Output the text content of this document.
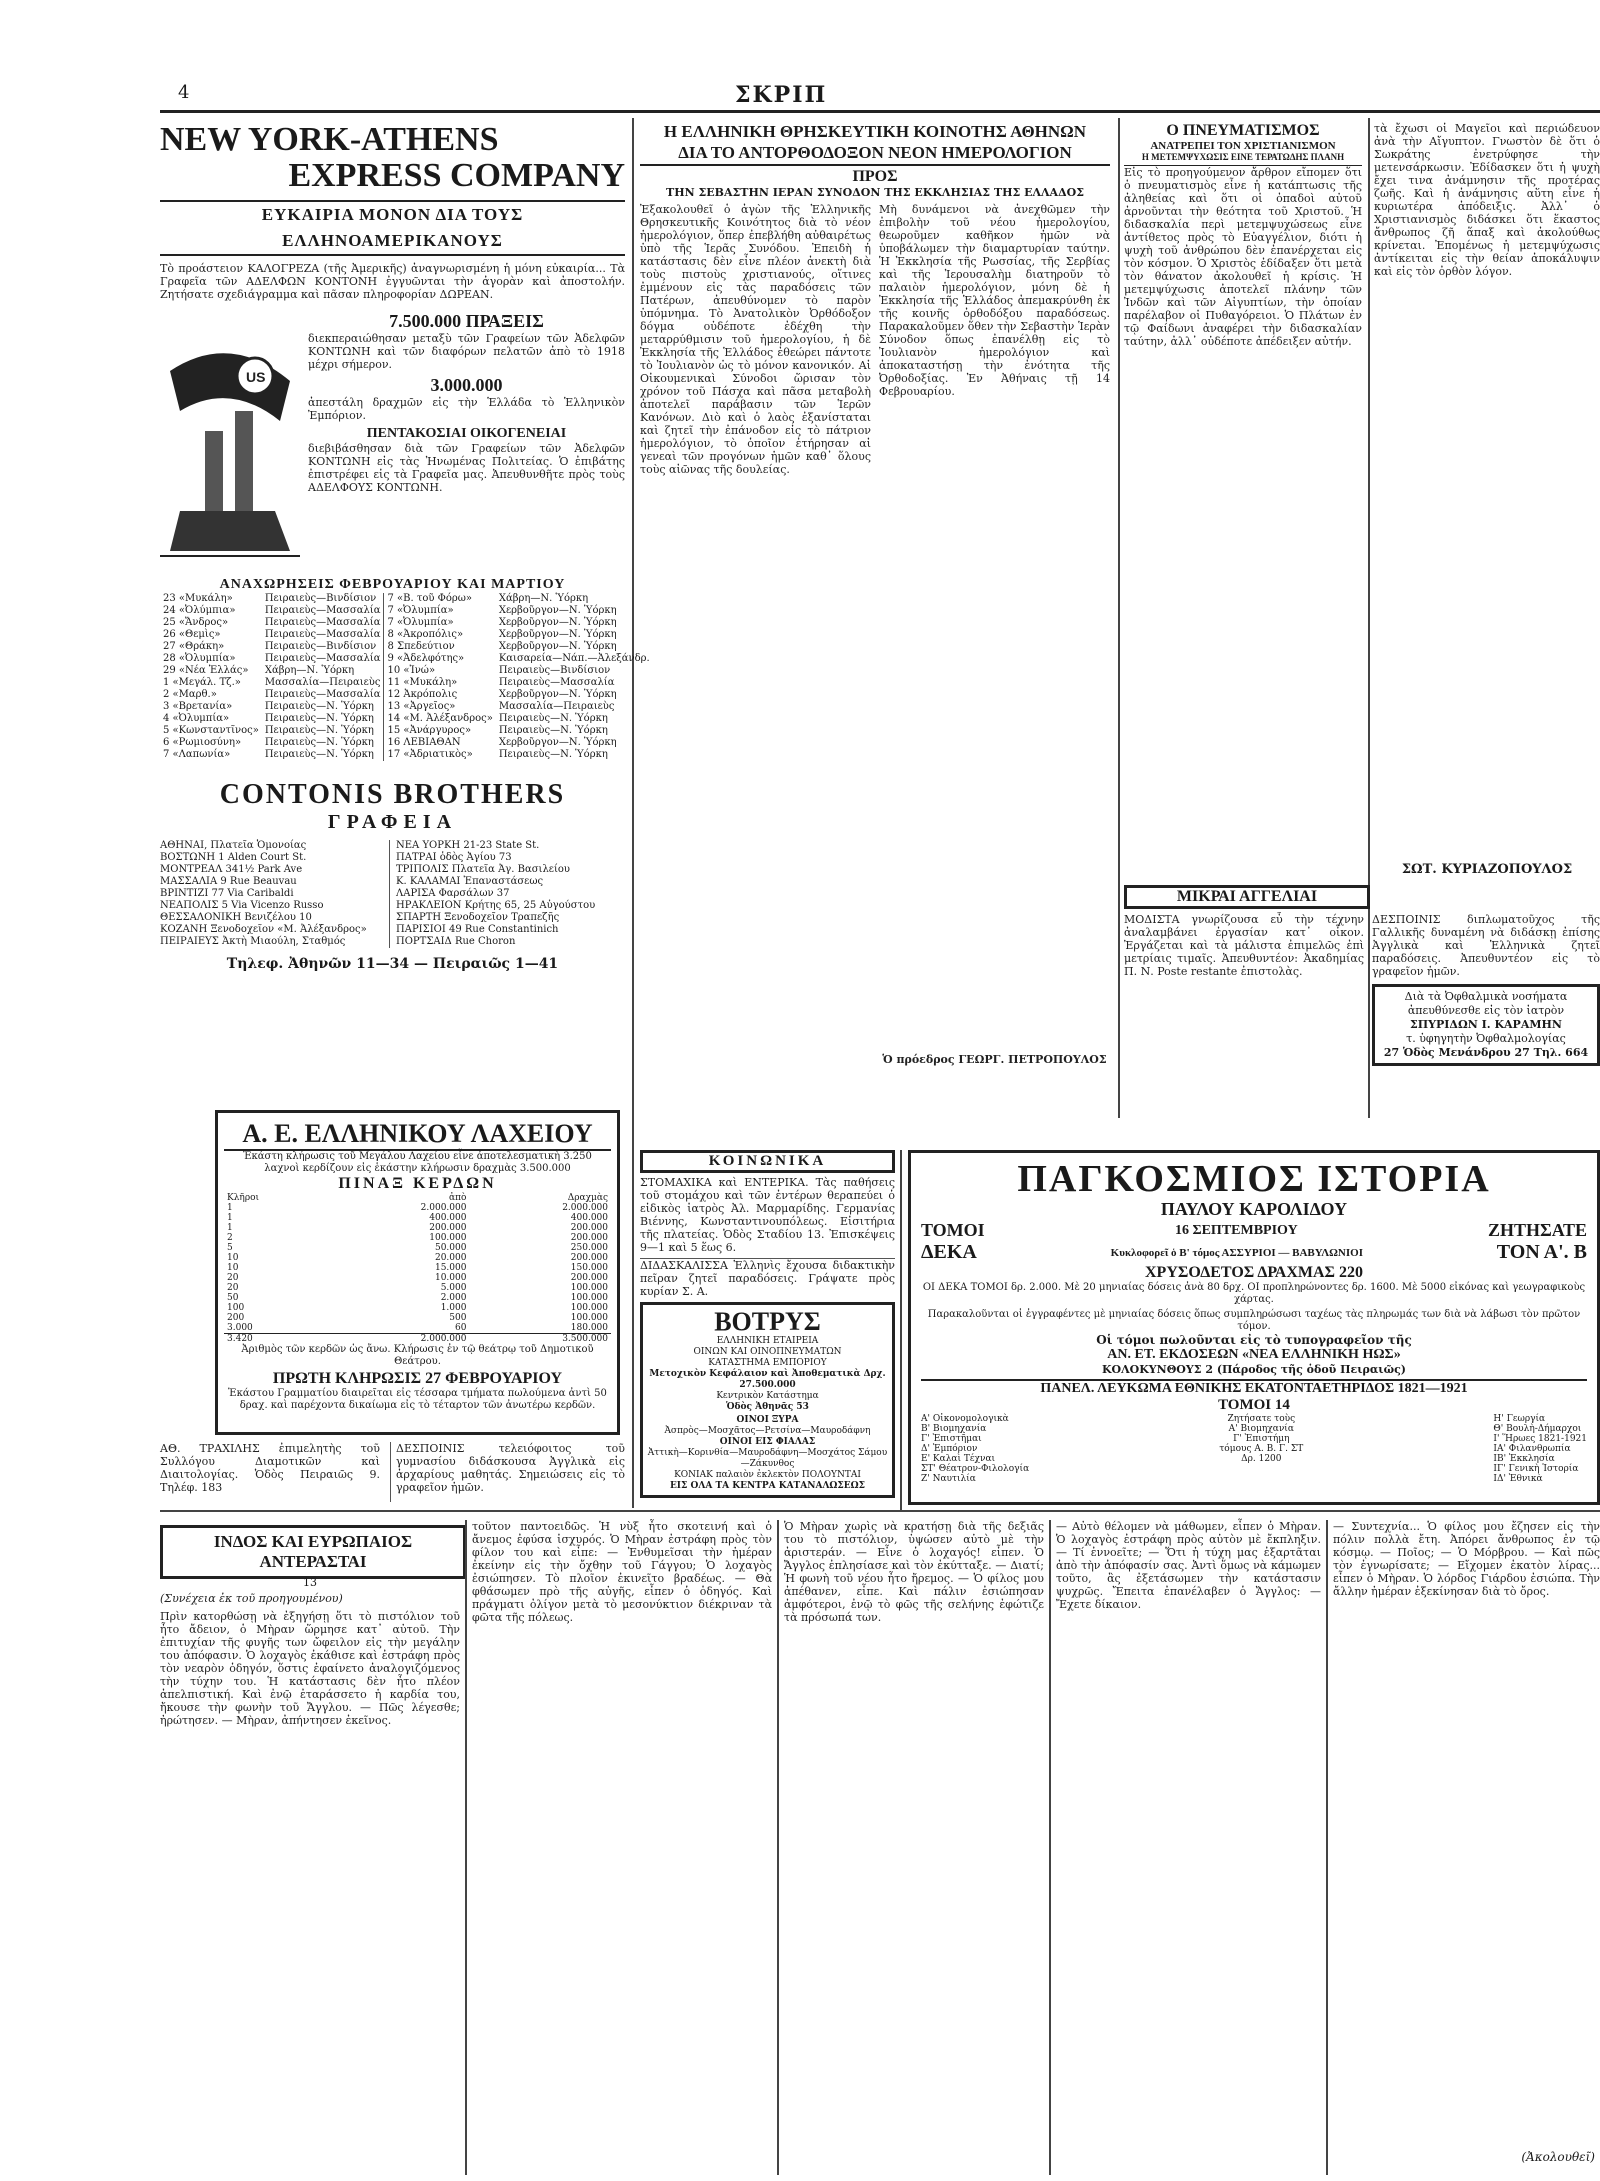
4	ΣΚΡΙΠ
NEW YORK-ATHENS
EXPRESS COMPANY
ΕΥΚΑΙΡΙΑ ΜΟΝΟΝ ΔΙΑ ΤΟΥΣ ΕΛΛΗΝΟΑΜΕΡΙΚΑΝΟΥΣ
Τὸ προάστειον ΚΑΛΟΓΡΕΖΑ (τῆς Ἀμερικῆς) ἀναγνωρισμένη ἡ μόνη εὐκαιρία... Τὰ Γραφεῖα τῶν ΑΔΕΛΦΩΝ ΚΟΝΤΟΝΗ ἐγγυῶνται τὴν ἀγορὰν καὶ ἀποστολήν. Ζητήσατε σχεδιάγραμμα καὶ πᾶσαν πληροφορίαν ΔΩΡΕΑΝ.
US
7.500.000 ΠΡΑΞΕΙΣ
διεκπεραιώθησαν μεταξὺ τῶν Γραφείων τῶν Ἀδελφῶν ΚΟΝΤΩΝΗ καὶ τῶν διαφόρων πελατῶν ἀπὸ τὸ 1918 μέχρι σήμερον.
3.000.000
ἀπεστάλη δραχμῶν εἰς τὴν Ἑλλάδα τὸ Ἑλληνικὸν Ἐμπόριον.
ΠΕΝΤΑΚΟΣΙΑΙ ΟΙΚΟΓΕΝΕΙΑΙ
διεβιβάσθησαν διὰ τῶν Γραφείων τῶν Ἀδελφῶν ΚΟΝΤΩΝΗ εἰς τὰς Ἡνωμένας Πολιτείας. Ὁ ἐπιβάτης ἐπιστρέφει εἰς τὰ Γραφεῖα μας. Ἀπευθυνθῆτε πρὸς τοὺς ΑΔΕΛΦΟΥΣ ΚΟΝΤΩΝΗ.
ΑΝΑΧΩΡΗΣΕΙΣ ΦΕΒΡΟΥΑΡΙΟΥ ΚΑΙ ΜΑΡΤΙΟΥ
23 «Μυκάλη»	Πειραιεὺς—Βινδίσιον	7 «Β. τοῦ Φόρω»	Χάβρη—Ν. Ὑόρκη
24 «Ὀλύμπια»	Πειραιεὺς—Μασσαλία	7 «Ὀλυμπία»	Χερβοῦργον—Ν. Ὑόρκη
25 «Ἄνδρος»	Πειραιεὺς—Μασσαλία	7 «Ὀλυμπία»	Χερβοῦργον—Ν. Ὑόρκη
26 «Θεμὶς»	Πειραιεὺς—Μασσαλία	8 «Ἀκροπόλις»	Χερβοῦργον—Ν. Ὑόρκη
27 «Θράκη»	Πειραιεὺς—Βινδίσιον	8 Σπεδεύτιον	Χερβοῦργον—Ν. Ὑόρκη
28 «Ὀλυμπία»	Πειραιεὺς—Μασσαλία	9 «Ἀδελφότης»	Καισαρεία—Νάπ.—Ἀλεξάνδρ.
29 «Νέα Ἑλλάς»	Χάβρη—Ν. Ὑόρκη	10 «Ἰνώ»	Πειραιεὺς—Βινδίσιον
1 «Μεγάλ. Τζ.»	Μασσαλία—Πειραιεὺς	11 «Μυκάλη»	Πειραιεὺς—Μασσαλία
2 «Μαρθ.»	Πειραιεὺς—Μασσαλία	12 Ἀκρόπολις	Χερβοῦργον—Ν. Ὑόρκη
3 «Βρετανία»	Πειραιεὺς—Ν. Ὑόρκη	13 «Ἀργεῖος»	Μασσαλία—Πειραιεὺς
4 «Ὀλυμπία»	Πειραιεὺς—Ν. Ὑόρκη	14 «Μ. Ἀλέξανδρος»	Πειραιεὺς—Ν. Ὑόρκη
5 «Κωνσταντῖνος»	Πειραιεὺς—Ν. Ὑόρκη	15 «Ἀνάργυρος»	Πειραιεὺς—Ν. Ὑόρκη
6 «Ρωμιοσύνη»	Πειραιεὺς—Ν. Ὑόρκη	16 ΛΕΒΙΑΘΑΝ	Χερβοῦργον—Ν. Ὑόρκη
7 «Λαπωνία»	Πειραιεὺς—Ν. Ὑόρκη	17 «Ἀδριατικὸς»	Πειραιεὺς—Ν. Ὑόρκη
CONTONIS BROTHERS
ΓΡΑΦΕΙΑ
ΑΘΗΝΑΙ, Πλατεῖα Ὁμονοίας
ΒΟΣΤΩΝΗ 1 Alden Court St.
ΜΟΝΤΡΕΑΛ 341½ Park Ave
ΜΑΣΣΑΛΙΑ 9 Rue Beauvau
ΒΡΙΝΤΙΖΙ 77 Via Caribaldi
ΝΕΑΠΟΛΙΣ 5 Via Vicenzo Russo
ΘΕΣΣΑΛΟΝΙΚΗ Βενιζέλου 10
ΚΟΖΑΝΗ Ξενοδοχεῖον «Μ. Ἀλέξανδρος»
ΠΕΙΡΑΙΕΥΣ Ἀκτὴ Μιαούλη, Σταθμός
ΝΕΑ ΥΟΡΚΗ 21-23 State St.
ΠΑΤΡΑΙ ὁδὸς Ἀγίου 73
ΤΡΙΠΟΛΙΣ Πλατεῖα Ἀγ. Βασιλείου
Κ. ΚΑΛΑΜΑΙ Ἐπαναστάσεως
ΛΑΡΙΣΑ Φαρσάλων 37
ΗΡΑΚΛΕΙΟΝ Κρήτης 65, 25 Αὐγούστου
ΣΠΑΡΤΗ Ξενοδοχεῖον Τραπεζῆς
ΠΑΡΙΣΙΟΙ 49 Rue Constantinich
ΠΟΡΤΣΑΙΔ Rue Choron
Τηλεφ. Ἀθηνῶν 11—34 — Πειραιῶς 1—41
Α. Ε. ΕΛΛΗΝΙΚΟΥ ΛΑΧΕΙΟΥ
Ἑκάστη κλήρωσις τοῦ Μεγάλου Λαχείου εἶνε ἀποτελεσματικὴ 3.250 λαχνοὶ κερδίζουν εἰς ἑκάστην κλήρωσιν δραχμὰς 3.500.000
ΠΙΝΑΞ ΚΕΡΔΩΝ
Κλῆροι	ἀπὸ	Δραχμὰς
1	2.000.000	2.000.000
1	400.000	400.000
1	200.000	200.000
2	100.000	200.000
5	50.000	250.000
10	20.000	200.000
10	15.000	150.000
20	10.000	200.000
20	5.000	100.000
50	2.000	100.000
100	1.000	100.000
200	500	100.000
3.000	60	180.000
3.420	2.000.000	3.500.000
Ἀριθμὸς τῶν κερδῶν ὡς ἄνω. Κλήρωσις ἐν τῷ θεάτρῳ τοῦ Δημοτικοῦ Θεάτρου.
ΠΡΩΤΗ ΚΛΗΡΩΣΙΣ 27 ΦΕΒΡΟΥΑΡΙΟΥ
Ἑκάστου Γραμματίου διαιρεῖται εἰς τέσσαρα τμήματα πωλούμενα ἀντὶ 50 δραχ. καὶ παρέχοντα δικαίωμα εἰς τὸ τέταρτον τῶν ἀνωτέρω κερδῶν.
ΑΘ. ΤΡΑΧΙΛΗΣ ἐπιμελητὴς τοῦ Συλλόγου Διαμοτικῶν καὶ Διαιτολογίας. Ὁδὸς Πειραιῶς 9. Τηλέφ. 183
ΔΕΣΠΟΙΝΙΣ τελειόφοιτος τοῦ γυμνασίου διδάσκουσα Ἀγγλικὰ εἰς ἀρχαρίους μαθητάς. Σημειώσεις εἰς τὸ γραφεῖον ἡμῶν.
Η ΕΛΛΗΝΙΚΗ ΘΡΗΣΚΕΥΤΙΚΗ ΚΟΙΝΟΤΗΣ ΑΘΗΝΩΝ
ΔΙΑ ΤΟ ΑΝΤΟΡΘΟΔΟΞΟΝ ΝΕΟΝ ΗΜΕΡΟΛΟΓΙΟΝ
ΠΡΟΣ
ΤΗΝ ΣΕΒΑΣΤΗΝ ΙΕΡΑΝ ΣΥΝΟΔΟΝ ΤΗΣ ΕΚΚΛΗΣΙΑΣ ΤΗΣ ΕΛΛΑΔΟΣ
Ἐξακολουθεῖ ὁ ἀγὼν τῆς Ἑλληνικῆς Θρησκευτικῆς Κοινότητος διὰ τὸ νέον ἡμερολόγιον, ὅπερ ἐπεβλήθη αὐθαιρέτως ὑπὸ τῆς Ἱερᾶς Συνόδου. Ἐπειδὴ ἡ κατάστασις δὲν εἶνε πλέον ἀνεκτὴ διὰ τοὺς πιστοὺς χριστιανούς, οἵτινες ἐμμένουν εἰς τὰς παραδόσεις τῶν Πατέρων, ἀπευθύνομεν τὸ παρὸν ὑπόμνημα. Τὸ Ἀνατολικὸν Ὀρθόδοξον δόγμα οὐδέποτε ἐδέχθη τὴν μεταρρύθμισιν τοῦ ἡμερολογίου, ἡ δὲ Ἐκκλησία τῆς Ἑλλάδος ἐθεώρει πάντοτε τὸ Ἰουλιανὸν ὡς τὸ μόνον κανονικόν. Αἱ Οἰκουμενικαὶ Σύνοδοι ὥρισαν τὸν χρόνον τοῦ Πάσχα καὶ πᾶσα μεταβολὴ ἀποτελεῖ παράβασιν τῶν Ἱερῶν Κανόνων. Διὸ καὶ ὁ λαὸς ἐξανίσταται καὶ ζητεῖ τὴν ἐπάνοδον εἰς τὸ πάτριον ἡμερολόγιον, τὸ ὁποῖον ἐτήρησαν αἱ γενεαὶ τῶν προγόνων ἡμῶν καθ᾽ ὅλους τοὺς αἰῶνας τῆς δουλείας.
Μὴ δυνάμενοι νὰ ἀνεχθῶμεν τὴν ἐπιβολὴν τοῦ νέου ἡμερολογίου, θεωροῦμεν καθῆκον ἡμῶν νὰ ὑποβάλωμεν τὴν διαμαρτυρίαν ταύτην. Ἡ Ἐκκλησία τῆς Ρωσσίας, τῆς Σερβίας καὶ τῆς Ἱερουσαλὴμ διατηροῦν τὸ παλαιὸν ἡμερολόγιον, μόνη δὲ ἡ Ἐκκλησία τῆς Ἑλλάδος ἀπεμακρύνθη ἐκ τῆς κοινῆς ὀρθοδόξου παραδόσεως. Παρακαλοῦμεν ὅθεν τὴν Σεβαστὴν Ἱερὰν Σύνοδον ὅπως ἐπανέλθῃ εἰς τὸ Ἰουλιανὸν ἡμερολόγιον καὶ ἀποκαταστήσῃ τὴν ἑνότητα τῆς Ὀρθοδοξίας. Ἐν Ἀθήναις τῇ 14 Φεβρουαρίου.
Ὁ πρόεδρος ΓΕΩΡΓ. ΠΕΤΡΟΠΟΥΛΟΣ
Ο ΠΝΕΥΜΑΤΙΣΜΟΣ
ΑΝΑΤΡΕΠΕΙ ΤΟΝ ΧΡΙΣΤΙΑΝΙΣΜΟΝ
Η ΜΕΤΕΜΨΥΧΩΣΙΣ ΕΙΝΕ ΤΕΡΑΤΩΔΗΣ ΠΛΑΝΗ
Εἰς τὸ προηγούμενον ἄρθρον εἴπομεν ὅτι ὁ πνευματισμὸς εἶνε ἡ κατάπτωσις τῆς ἀληθείας καὶ ὅτι οἱ ὀπαδοὶ αὐτοῦ ἀρνοῦνται τὴν θεότητα τοῦ Χριστοῦ. Ἡ διδασκαλία περὶ μετεμψυχώσεως εἶνε ἀντίθετος πρὸς τὸ Εὐαγγέλιον, διότι ἡ ψυχὴ τοῦ ἀνθρώπου δὲν ἐπανέρχεται εἰς τὸν κόσμον. Ὁ Χριστὸς ἐδίδαξεν ὅτι μετὰ τὸν θάνατον ἀκολουθεῖ ἡ κρίσις. Ἡ μετεμψύχωσις ἀποτελεῖ πλάνην τῶν Ἰνδῶν καὶ τῶν Αἰγυπτίων, τὴν ὁποίαν παρέλαβον οἱ Πυθαγόρειοι. Ὁ Πλάτων ἐν τῷ Φαίδωνι ἀναφέρει τὴν διδασκαλίαν ταύτην, ἀλλ᾽ οὐδέποτε ἀπέδειξεν αὐτήν.
τὰ ἔχωσι οἱ Μαγεῖοι καὶ περιώδευον ἀνὰ τὴν Αἴγυπτον. Γνωστὸν δὲ ὅτι ὁ Σωκράτης ἐνετρύφησε τὴν μετενσάρκωσιν. Ἐδίδασκεν ὅτι ἡ ψυχὴ ἔχει τινα ἀνάμνησιν τῆς προτέρας ζωῆς. Καὶ ἡ ἀνάμνησις αὕτη εἶνε ἡ κυριωτέρα ἀπόδειξις. Ἀλλ᾽ ὁ Χριστιανισμὸς διδάσκει ὅτι ἕκαστος ἄνθρωπος ζῆ ἅπαξ καὶ ἀκολούθως κρίνεται. Ἐπομένως ἡ μετεμψύχωσις ἀντίκειται εἰς τὴν θείαν ἀποκάλυψιν καὶ εἰς τὸν ὀρθὸν λόγον.
ΣΩΤ. ΚΥΡΙΑΖΟΠΟΥΛΟΣ
ΜΙΚΡΑΙ ΑΓΓΕΛΙΑΙ
ΜΟΔΙΣΤΑ γνωρίζουσα εὖ τὴν τέχνην ἀναλαμβάνει ἐργασίαν κατ᾽ οἶκον. Ἐργάζεται καὶ τὰ μάλιστα ἐπιμελῶς ἐπὶ μετρίαις τιμαῖς. Ἀπευθυντέον: Ἀκαδημίας Π. Ν. Poste restante ἐπιστολὰς.
ΔΕΣΠΟΙΝΙΣ διπλωματοῦχος τῆς Γαλλικῆς δυναμένη νὰ διδάσκῃ ἐπίσης Ἀγγλικὰ καὶ Ἑλληνικὰ ζητεῖ παραδόσεις. Ἀπευθυντέον εἰς τὸ γραφεῖον ἡμῶν.
Διὰ τὰ Ὀφθαλμικὰ νοσήματα
ἀπευθύνεσθε εἰς τὸν ἰατρὸν
ΣΠΥΡΙΔΩΝ Ι. ΚΑΡΑΜΗΝ
τ. ὑφηγητὴν Ὀφθαλμολογίας
27 Ὁδὸς Μενάνδρου 27 Τηλ. 664
ΚΟΙΝΩΝΙΚΑ
ΣΤΟΜΑΧΙΚΑ καὶ ΕΝΤΕΡΙΚΑ. Τὰς παθήσεις τοῦ στομάχου καὶ τῶν ἐντέρων θεραπεύει ὁ εἰδικὸς ἰατρὸς Ἀλ. Μαρμαρίδης. Γερμανίας Βιέννης, Κωνσταντινουπόλεως. Εἰσιτήρια τῆς πλατείας. Ὁδὸς Σταδίου 13. Ἐπισκέψεις 9—1 καὶ 5 ἕως 6.
ΔΙΔΑΣΚΑΛΙΣΣΑ Ἑλληνὶς ἔχουσα διδακτικὴν πεῖραν ζητεῖ παραδόσεις. Γράψατε πρὸς κυρίαν Σ. Α.
ΒΟΤΡΥΣ
ΕΛΛΗΝΙΚΗ ΕΤΑΙΡΕΙΑ
ΟΙΝΩΝ ΚΑΙ ΟΙΝΟΠΝΕΥΜΑΤΩΝ
ΚΑΤΑΣΤΗΜΑ ΕΜΠΟΡΙΟΥ
Μετοχικὸν Κεφάλαιον καὶ Ἀποθεματικὰ Δρχ. 27.500.000
Κεντρικὸν Κατάστημα
Ὁδὸς Ἀθηνᾶς 53
ΟΙΝΟΙ ΞΥΡΑ
Ἀσπρὸς—Μοσχᾶτος—Ρετσίνα—Μαυροδάφνη
ΟΙΝΟΙ ΕΙΣ ΦΙΑΛΑΣ
Ἀττικὴ—Κορινθία—Μαυροδάφνη—Μοσχάτος Σάμου—Ζάκυνθος
ΚΟΝΙΑΚ παλαιὸν ἐκλεκτὸν ΠΟΛΟΥΝΤΑΙ
ΕΙΣ ΟΛΑ ΤΑ ΚΕΝΤΡΑ ΚΑΤΑΝΑΛΩΣΕΩΣ
ΠΑΓΚΟΣΜΙΟΣ ΙΣΤΟΡΙΑ
ΠΑΥΛΟΥ ΚΑΡΟΛΙΔΟΥ
ΤΟΜΟΙ	16 ΣΕΠΤΕΜΒΡΙΟΥ	ΖΗΤΗΣΑΤΕ
ΔΕΚΑ	Κυκλοφορεῖ ὁ Β' τόμος ΑΣΣΥΡΙΟΙ — ΒΑΒΥΛΩΝΙΟΙ	ΤΟΝ Α'. Β
ΧΡΥΣΟΔΕΤΟΣ ΔΡΑΧΜΑΣ 220
ΟΙ ΔΕΚΑ ΤΟΜΟΙ δρ. 2.000. Μὲ 20 μηνιαίας δόσεις ἀνὰ 80 δρχ. ΟΙ προπληρώνοντες δρ. 1600. Μὲ 5000 εἰκόνας καὶ γεωγραφικοὺς χάρτας.
Παρακαλοῦνται οἱ ἐγγραφέντες μὲ μηνιαίας δόσεις ὅπως συμπληρώσωσι ταχέως τὰς πληρωμάς των διὰ νὰ λάβωσι τὸν πρῶτον τόμον.
Οἱ τόμοι πωλοῦνται εἰς τὸ τυπογραφεῖον τῆς
ΑΝ. ΕΤ. ΕΚΔΟΣΕΩΝ «ΝΕΑ ΕΛΛΗΝΙΚΗ ΗΩΣ»
ΚΟΛΟΚΥΝΘΟΥΣ 2 (Πάροδος τῆς ὁδοῦ Πειραιῶς)
ΠΑΝΕΛ. ΛΕΥΚΩΜΑ ΕΘΝΙΚΗΣ ΕΚΑΤΟΝΤΑΕΤΗΡΙΔΟΣ 1821—1921
ΤΟΜΟΙ 14
Α' Οἰκονομολογικὰ
Β' Βιομηχανία
Γ' Ἐπιστῆμαι
Δ' Ἐμπόριον
Ε' Καλαὶ Τέχναι
ΣΤ' Θέατρον-Φιλολογία
Ζ' Ναυτιλία
Ζητήσατε τοὺς
Α' Βιομηχανία
Γ' Ἐπιστήμη
τόμους Α. Β. Γ. ΣΤ
Δρ. 1200
Η' Γεωργία
Θ' Βουλὴ-Δήμαρχοι
Ι' Ἥρωες 1821-1921
ΙΑ' Φιλανθρωπία
ΙΒ' Ἐκκλησία
ΙΓ' Γενικὴ Ἱστορία
ΙΔ' Ἐθνικὰ
ΙΝΔΟΣ ΚΑΙ ΕΥΡΩΠΑΙΟΣ ΑΝΤΕΡΑΣΤΑΙ
13
(Συνέχεια ἐκ τοῦ προηγουμένου)
Πρὶν κατορθώσῃ νὰ ἐξηγήσῃ ὅτι τὸ πιστόλιον τοῦ ἦτο ἄδειον, ὁ Μὴραν ὥρμησε κατ᾽ αὐτοῦ. Τὴν ἐπιτυχίαν τῆς φυγῆς των ὤφειλον εἰς τὴν μεγάλην του ἀπόφασιν. Ὁ λοχαγὸς ἐκάθισε καὶ ἐστράφη πρὸς τὸν νεαρὸν ὁδηγόν, ὅστις ἐφαίνετο ἀναλογιζόμενος τὴν τύχην του. Ἡ κατάστασις δὲν ἦτο πλέον ἀπελπιστική. Καὶ ἐνῷ ἐταράσσετο ἡ καρδία του, ἤκουσε τὴν φωνὴν τοῦ Ἄγγλου. — Πῶς λέγεσθε; ἠρώτησεν. — Μὴραν, ἀπήντησεν ἐκεῖνος.
τοῦτον παντοειδῶς. Ἡ νὺξ ἦτο σκοτεινή καὶ ὁ ἄνεμος ἐφύσα ἰσχυρός. Ὁ Μὴραν ἐστράφη πρὸς τὸν φίλον του καὶ εἶπε: — Ἐνθυμεῖσαι τὴν ἡμέραν ἐκείνην εἰς τὴν ὄχθην τοῦ Γάγγου; Ὁ λοχαγὸς ἐσιώπησεν. Τὸ πλοῖον ἐκινεῖτο βραδέως. — Θὰ φθάσωμεν πρὸ τῆς αὐγῆς, εἶπεν ὁ ὁδηγός. Καὶ πράγματι ὀλίγον μετὰ τὸ μεσονύκτιον διέκριναν τὰ φῶτα τῆς πόλεως.
Ὁ Μὴραν χωρὶς νὰ κρατήσῃ διὰ τῆς δεξιᾶς του τὸ πιστόλιον, ὑψώσεν αὐτὸ μὲ τὴν ἀριστεράν. — Εἶνε ὁ λοχαγός! εἶπεν. Ὁ Ἄγγλος ἐπλησίασε καὶ τὸν ἐκύτταξε. — Διατί; Ἡ φωνὴ τοῦ νέου ἦτο ἤρεμος. — Ὁ φίλος μου ἀπέθανεν, εἶπε. Καὶ πάλιν ἐσιώπησαν ἀμφότεροι, ἐνῷ τὸ φῶς τῆς σελήνης ἐφώτιζε τὰ πρόσωπά των.
— Αὐτὸ θέλομεν νὰ μάθωμεν, εἶπεν ὁ Μὴραν. Ὁ λοχαγὸς ἐστράφη πρὸς αὐτὸν μὲ ἔκπληξιν. — Τί ἐννοεῖτε; — Ὅτι ἡ τύχη μας ἐξαρτᾶται ἀπὸ τὴν ἀπόφασίν σας. Ἀντὶ ὅμως νὰ κάμωμεν τοῦτο, ἂς ἐξετάσωμεν τὴν κατάστασιν ψυχρῶς. Ἔπειτα ἐπανέλαβεν ὁ Ἄγγλος: — Ἔχετε δίκαιον.
— Συντεχνία... Ὁ φίλος μου ἔζησεν εἰς τὴν πόλιν πολλὰ ἔτη. Ἀπόρει ἄνθρωπος ἐν τῷ κόσμῳ. — Ποῖος; — Ὁ Μόρβρου. — Καὶ πῶς τὸν ἐγνωρίσατε; — Εἴχομεν ἑκατὸν λίρας... εἶπεν ὁ Μὴραν. Ὁ λόρδος Γιάρδου ἐσιώπα. Τὴν ἄλλην ἡμέραν ἐξεκίνησαν διὰ τὸ ὄρος.
(Ἀκολουθεῖ)
